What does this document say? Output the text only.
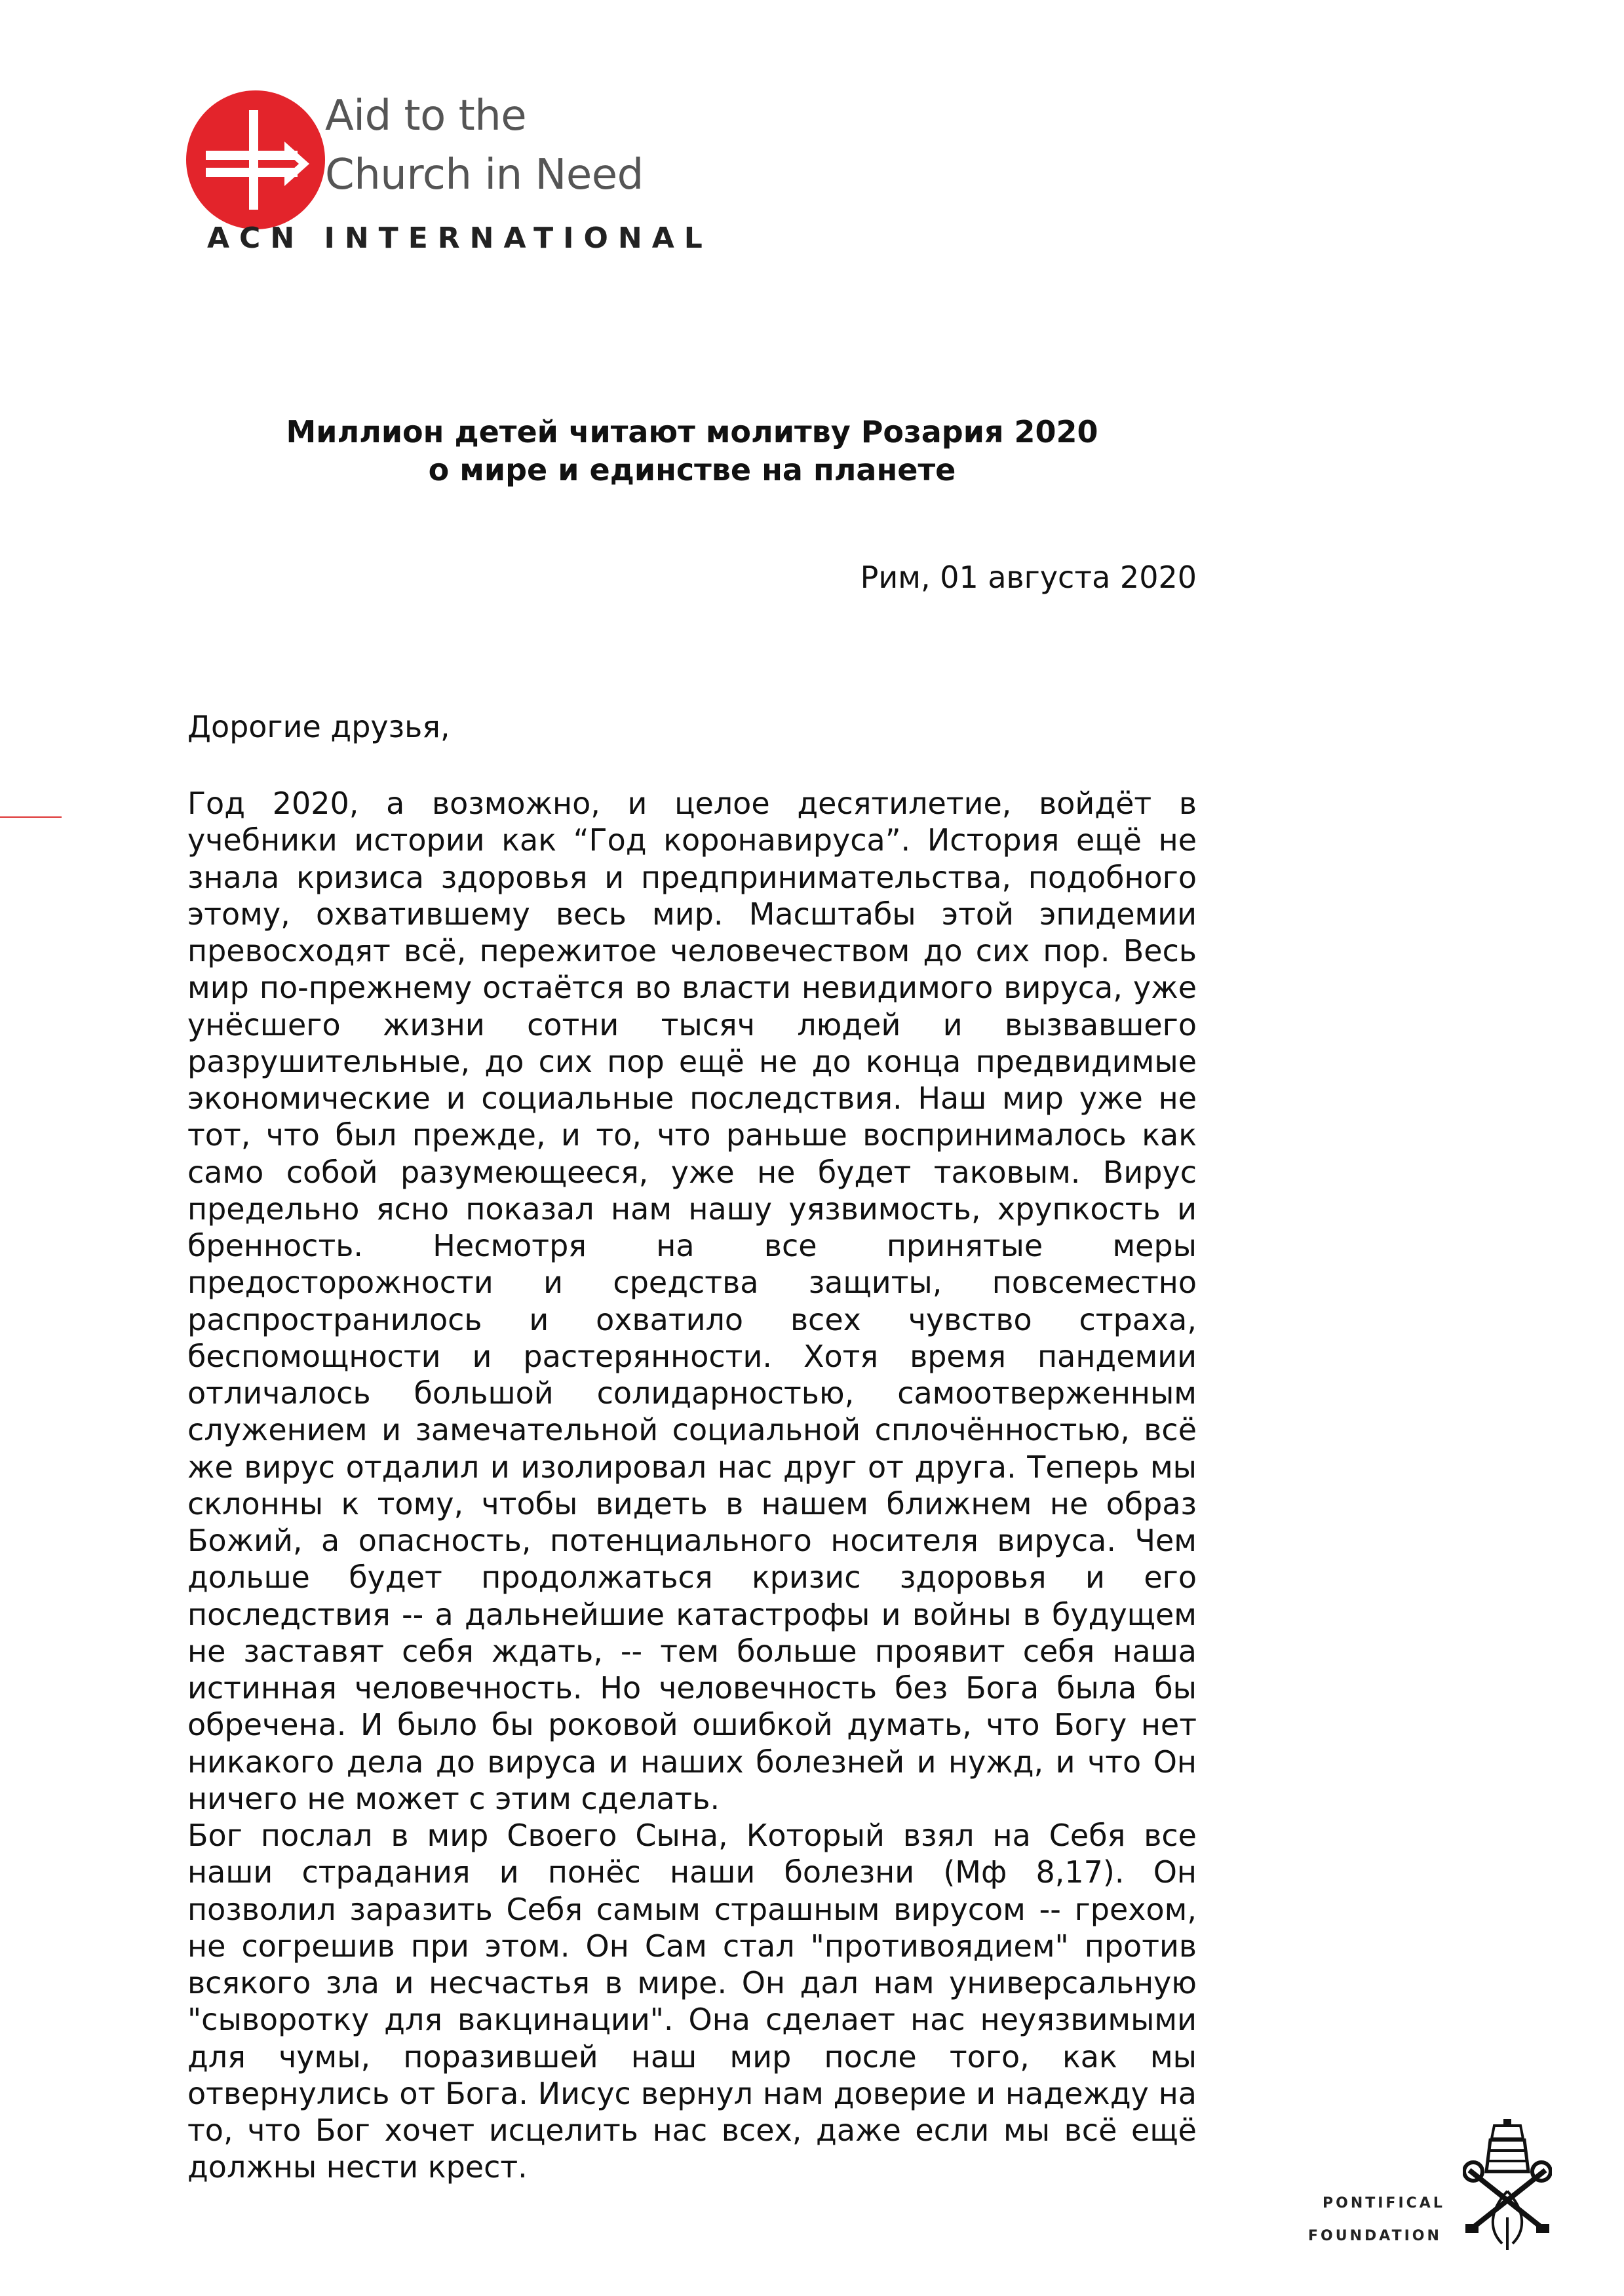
Aid to the
Church in Need
ACN INTERNATIONAL
Миллион детей читают молитву Розария 2020
о мире и единстве на планете
Рим, 01 августа 2020
Дорогие друзья,

Год 2020, а возможно, и целое десятилетие, войдёт в учебники истории как “Год коронавируса”. История ещё не знала кризиса здоровья и предпринимательства, подобного этому, охватившему весь мир. Масштабы этой эпидемии превосходят всё, пережитое человечеством до сих пор. Весь мир по-прежнему остаётся во власти невидимого вируса, уже унёсшего жизни сотни тысяч людей и вызвавшего разрушительные, до сих пор ещё не до конца предвидимые экономические и социальные последствия. Наш мир уже не тот, что был прежде, и то, что раньше воспринималось как само собой разумеющееся, уже не будет таковым. Вирус предельно ясно показал нам нашу уязвимость, хрупкость и бренность. Несмотря на все принятые меры предосторожности и средства защиты, повсеместно распространилось и охватило всех чувство страха, беспомощности и растерянности. Хотя время пандемии отличалось большой солидарностью, самоотверженным служением и замечательной социальной сплочённостью, всё же вирус отдалил и изолировал нас друг от друга. Теперь мы склонны к тому, чтобы видеть в нашем ближнем не образ Божий, а опасность, потенциального носителя вируса. Чем дольше будет продолжаться кризис здоровья и его последствия -- а дальнейшие катастрофы и войны в будущем не заставят себя ждать, -- тем больше проявит себя наша истинная человечность. Но человечность без Бога была бы обречена. И было бы роковой ошибкой думать, что Богу нет никакого дела до вируса и наших болезней и нужд, и что Он ничего не может с этим сделать.

Бог послал в мир Своего Сына, Который взял на Себя все наши страдания и понёс наши болезни (Мф 8,17). Он позволил заразить Себя самым страшным вирусом -- грехом, не согрешив при этом. Он Сам стал "противоядием" против всякого зла и несчастья в мире. Он дал нам универсальную "сыворотку для вакцинации". Она сделает нас неуязвимыми для чумы, поразившей наш мир после того, как мы отвернулись от Бога. Иисус вернул нам доверие и надежду на то, что Бог хочет исцелить нас всех, даже если мы всё ещё должны нести крест.

PONTIFICAL
FOUNDATION
